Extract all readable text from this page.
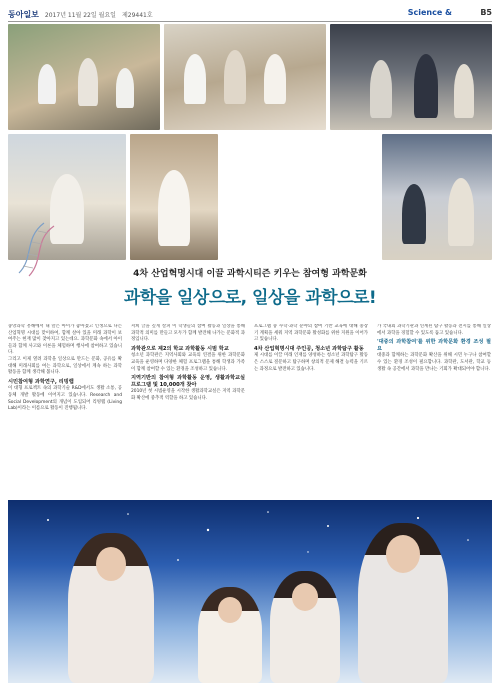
동아일보 2017년 11월 22일 월요일 제29441호	Science &	B5
4차 산업혁명시대 이끌 과학시티즌 키우는 참여형 과학문화
과학을 일상으로, 일상을 과학으로!

중앙과학 흥해에서 내 말은 아이가 좋아졌고 인생으로 나는 산업혁명 시대를 맞이하여, 함께 살아 있을 미래 과학이 보여주는 현재 많이 찾아지고 있는데요. 과학문화 속에서 아이들과 함께 사고와 이론을 체험하며 행사에 참여하고 있습니다.

그리고 이제 열려 과학을 일상으로 만드는 문화, 공유를 확대해 미래사회를 여는 과학으로, 일상에서 계속 하는 과학 활동을 함께 생각해 봅니다.

시민참여형 과학연구, 리빙랩

이 대형 프로젝트 속의 과학기술 R&D에서도 생활 소통, 공동체 개발 활동에 이어지고 있습니다. Research and Social Development의 개념이 도입되어 리빙랩 (Living Lab)이라는 이름으로 활동이 진행됩니다.

저희 글을 깊게 살펴 이 학생들의 참여 활동과 일상을 통해 과학적 의미를 만들고 모두가 함께 발견해 나가는 문화적 과정입니다.

과학관으로 제2의 학교 과학활동 시범 학교

청소년 과학관은 지역사회와 교육의 연결을 위한 과학문화 교육을 운영하며 다양한 체험 프로그램을 통해 학생과 가족이 함께 참여할 수 있는 환경을 조성하고 있습니다.

지역기반의 참여형 과학활동 운영, 생활과학교실 프로그램 및 10,000개 찾아

2010년 첫 시범운영을 시작한 생활과학교실은 지역 과학문화 확산에 중추적 역할을 하고 있습니다.

프로그램 중 수학·과학 분야의 참여 기반 교육에 대해 중장기 계획을 세워 지역 과학문화 활성화를 위한 지원을 이어가고 있습니다.

4차 산업혁명시대 주인공, 청소년 과학탐구 활동

제 시대를 이끌 미래 인재를 양성하는 청소년 과학탐구 활동은 스스로 질문하고 탐구하며 창의적 문제 해결 능력을 기르는 과정으로 발전하고 있습니다.

가 국내외 과학기관과 연계된 탐구 활동과 전시를 통해 일상에서 과학을 경험할 수 있도록 돕고 있습니다.

'대중의 과학참여'를 위한 과학문화 환경 조성 필요

대중과 함께하는 과학문화 확산을 위해 시민 누구나 참여할 수 있는 환경 조성이 필요합니다. 과학관, 도서관, 학교 등 생활 속 공간에서 과학을 만나는 기회가 확대되어야 합니다.
